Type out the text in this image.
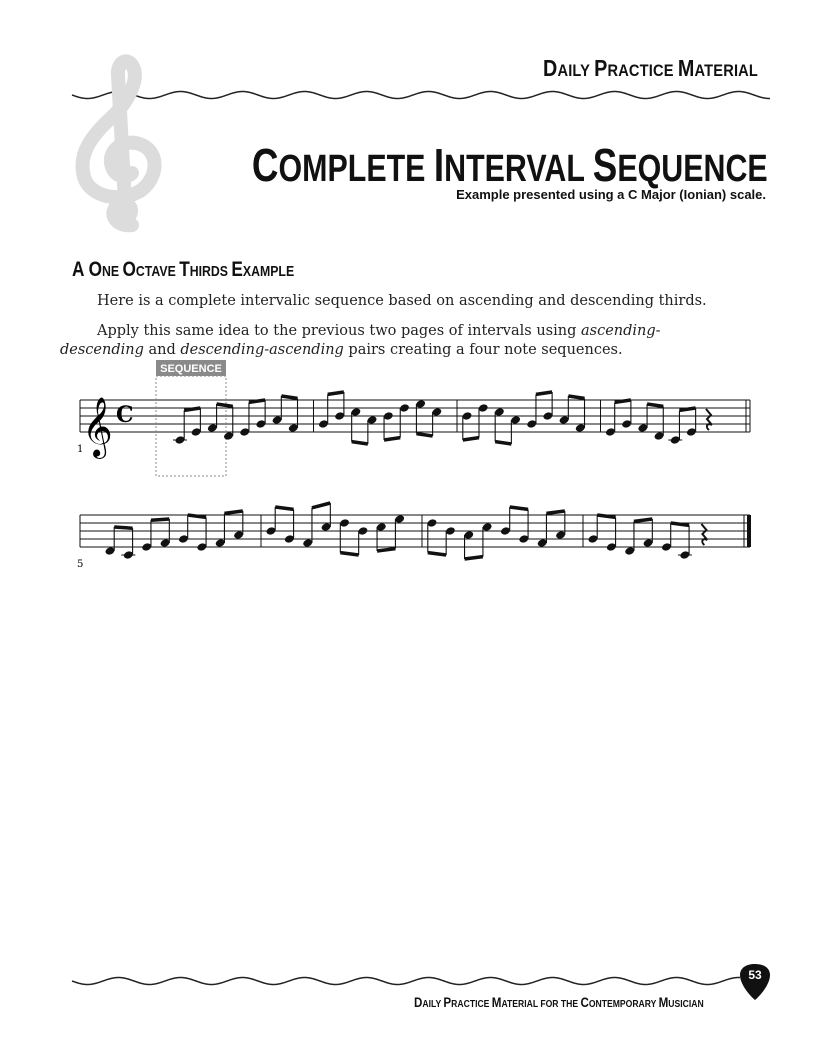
DAILY PRACTICE MATERIAL
COMPLETE INTERVAL SEQUENCE
Example presented using a C Major (Ionian) scale.
A ONE OCTAVE THIRDS EXAMPLE
Here is a complete intervalic sequence based on ascending and descending thirds.
Apply this same idea to the previous two pages of intervals using ascending-descending and descending-ascending pairs creating a four note sequences.
1
𝄞 C
SEQUENCE
5
DAILY PRACTICE MATERIAL FOR THE CONTEMPORARY MUSICIAN
53
